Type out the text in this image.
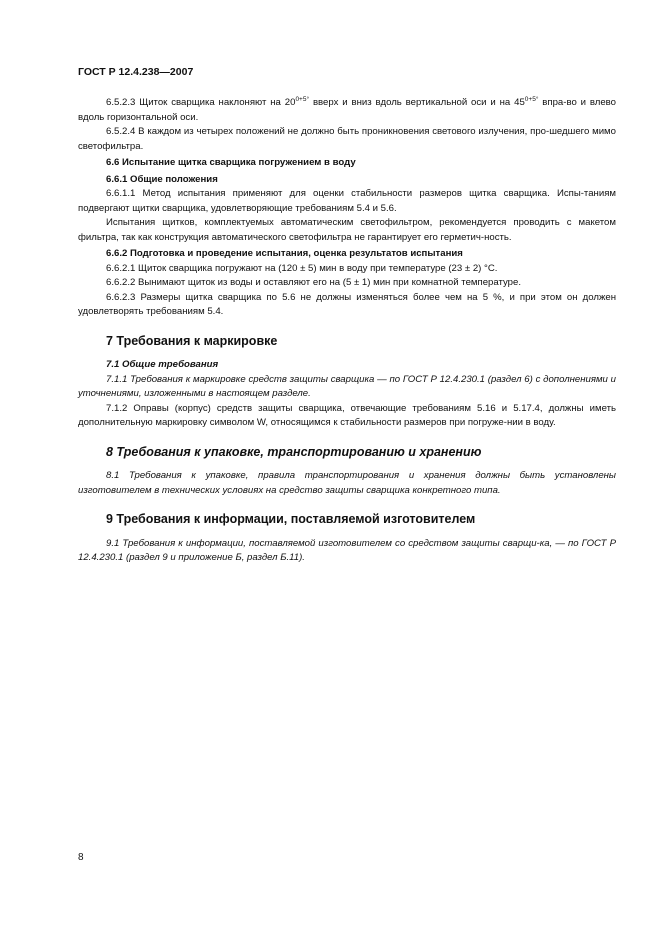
ГОСТ Р 12.4.238—2007

6.5.2.3 Щиток сварщика наклоняют на $20^{0+5^\circ}$ вверх и вниз вдоль вертикальной оси и на $45^{0+5^\circ}$ впра-во и влево вдоль горизонтальной оси.

6.5.2.4 В каждом из четырех положений не должно быть проникновения светового излучения, про-шедшего мимо светофильтра.

6.6 Испытание щитка сварщика погружением в воду

6.6.1 Общие положения

6.6.1.1 Метод испытания применяют для оценки стабильности размеров щитка сварщика. Испы-таниям подвергают щитки сварщика, удовлетворяющие требованиям 5.4 и 5.6.

Испытания щитков, комплектуемых автоматическим светофильтром, рекомендуется проводить с макетом фильтра, так как конструкция автоматического светофильтра не гарантирует его герметич-ность.

6.6.2 Подготовка и проведение испытания, оценка результатов испытания

6.6.2.1 Щиток сварщика погружают на (120 ± 5) мин в воду при температуре (23 ± 2) °С.

6.6.2.2 Вынимают щиток из воды и оставляют его на (5 ± 1) мин при комнатной температуре.

6.6.2.3 Размеры щитка сварщика по 5.6 не должны изменяться более чем на 5 %, и при этом он должен удовлетворять требованиям 5.4.

7 Требования к маркировке

7.1 Общие требования

7.1.1 Требования к маркировке средств защиты сварщика — по ГОСТ Р 12.4.230.1 (раздел 6) с дополнениями и уточнениями, изложенными в настоящем разделе.

7.1.2 Оправы (корпус) средств защиты сварщика, отвечающие требованиям 5.16 и 5.17.4, должны иметь дополнительную маркировку символом W, относящимся к стабильности размеров при погруже-нии в воду.

8 Требования к упаковке, транспортированию и хранению

8.1 Требования к упаковке, правила транспортирования и хранения должны быть установлены изготовителем в технических условиях на средство защиты сварщика конкретного типа.

9 Требования к информации, поставляемой изготовителем

9.1 Требования к информации, поставляемой изготовителем со средством защиты сварщи-ка, — по ГОСТ Р 12.4.230.1 (раздел 9 и приложение Б, раздел Б.11).

8
